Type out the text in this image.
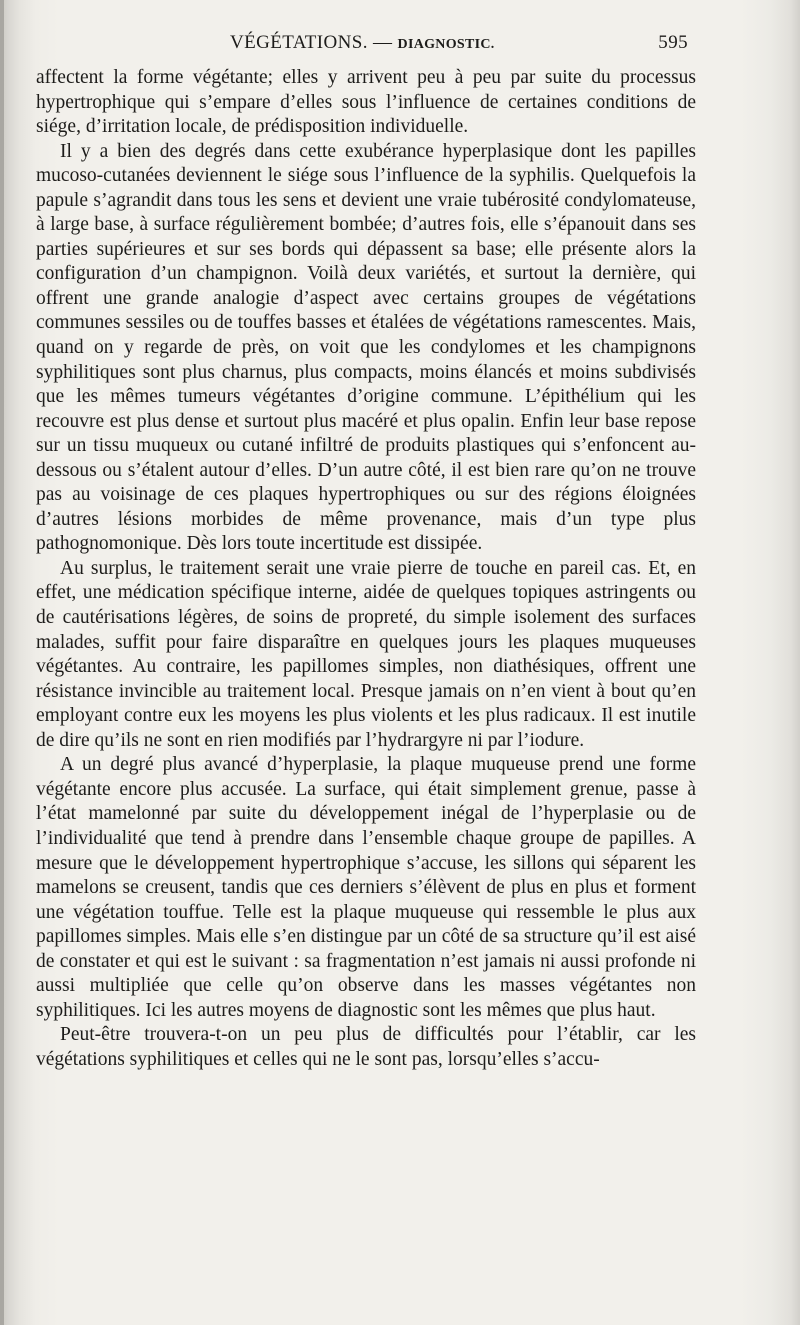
VÉGÉTATIONS. — DIAGNOSTIC.	595

affectent la forme végétante; elles y arrivent peu à peu par suite du processus hypertrophique qui s’empare d’elles sous l’influence de certaines conditions de siége, d’irritation locale, de prédisposition individuelle.

Il y a bien des degrés dans cette exubérance hyperplasique dont les papilles mucoso-cutanées deviennent le siége sous l’influence de la syphilis. Quelquefois la papule s’agrandit dans tous les sens et devient une vraie tubérosité condylomateuse, à large base, à surface régulièrement bombée; d’autres fois, elle s’épanouit dans ses parties supérieures et sur ses bords qui dépassent sa base; elle présente alors la configuration d’un champignon. Voilà deux variétés, et surtout la dernière, qui offrent une grande analogie d’aspect avec certains groupes de végétations communes sessiles ou de touffes basses et étalées de végétations ramescentes. Mais, quand on y regarde de près, on voit que les condylomes et les champignons syphilitiques sont plus charnus, plus compacts, moins élancés et moins subdivisés que les mêmes tumeurs végétantes d’origine commune. L’épithélium qui les recouvre est plus dense et surtout plus macéré et plus opalin. Enfin leur base repose sur un tissu muqueux ou cutané infiltré de produits plastiques qui s’enfoncent au-dessous ou s’étalent autour d’elles. D’un autre côté, il est bien rare qu’on ne trouve pas au voisinage de ces plaques hypertrophiques ou sur des régions éloignées d’autres lésions morbides de même provenance, mais d’un type plus pathognomonique. Dès lors toute incertitude est dissipée.

Au surplus, le traitement serait une vraie pierre de touche en pareil cas. Et, en effet, une médication spécifique interne, aidée de quelques topiques astringents ou de cautérisations légères, de soins de propreté, du simple isolement des surfaces malades, suffit pour faire disparaître en quelques jours les plaques muqueuses végétantes. Au contraire, les papillomes simples, non diathésiques, offrent une résistance invincible au traitement local. Presque jamais on n’en vient à bout qu’en employant contre eux les moyens les plus violents et les plus radicaux. Il est inutile de dire qu’ils ne sont en rien modifiés par l’hydrargyre ni par l’iodure.

A un degré plus avancé d’hyperplasie, la plaque muqueuse prend une forme végétante encore plus accusée. La surface, qui était simplement grenue, passe à l’état mamelonné par suite du développement inégal de l’hyperplasie ou de l’individualité que tend à prendre dans l’ensemble chaque groupe de papilles. A mesure que le développement hypertrophique s’accuse, les sillons qui séparent les mamelons se creusent, tandis que ces derniers s’élèvent de plus en plus et forment une végétation touffue. Telle est la plaque muqueuse qui ressemble le plus aux papillomes simples. Mais elle s’en distingue par un côté de sa structure qu’il est aisé de constater et qui est le suivant : sa fragmentation n’est jamais ni aussi profonde ni aussi multipliée que celle qu’on observe dans les masses végétantes non syphilitiques. Ici les autres moyens de diagnostic sont les mêmes que plus haut.

Peut-être trouvera-t-on un peu plus de difficultés pour l’établir, car les végétations syphilitiques et celles qui ne le sont pas, lorsqu’elles s’accu-
